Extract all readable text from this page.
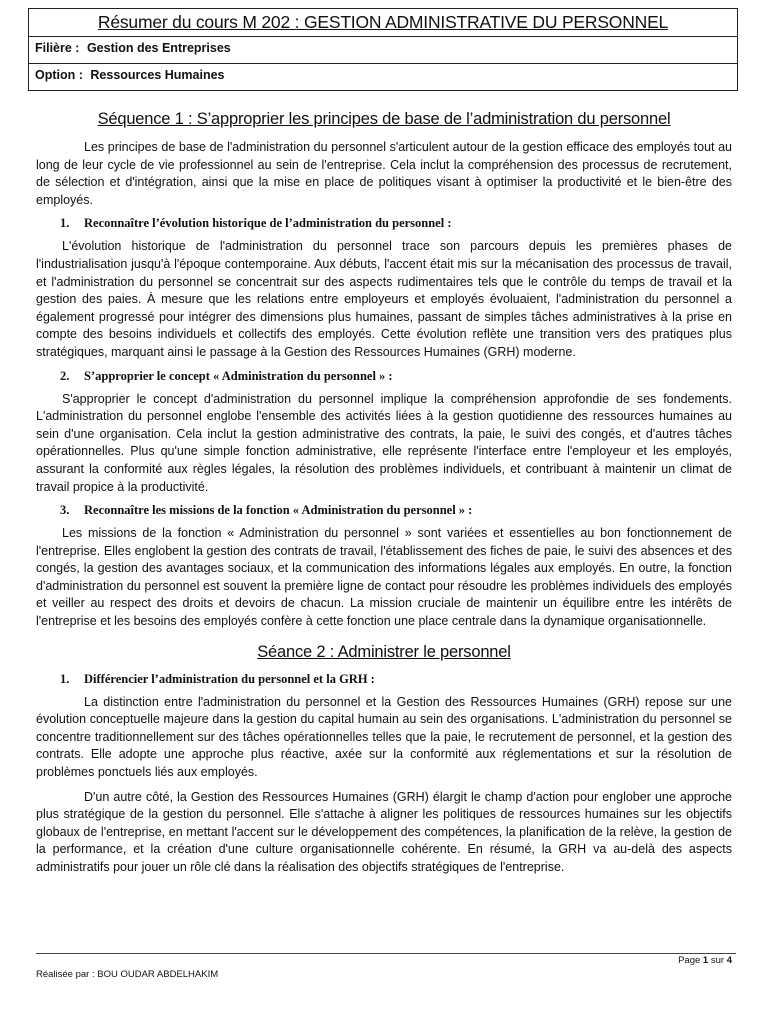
Résumer du cours M 202 : GESTION ADMINISTRATIVE DU PERSONNEL
Filière : Gestion des Entreprises
Option : Ressources Humaines
Séquence 1 : S’approprier les principes de base de l’administration du personnel

Les principes de base de l'administration du personnel s'articulent autour de la gestion efficace des employés tout au long de leur cycle de vie professionnel au sein de l'entreprise. Cela inclut la compréhension des processus de recrutement, de sélection et d'intégration, ainsi que la mise en place de politiques visant à optimiser la productivité et le bien-être des employés.

1. Reconnaître l’évolution historique de l’administration du personnel :

L'évolution historique de l'administration du personnel trace son parcours depuis les premières phases de l'industrialisation jusqu'à l'époque contemporaine. Aux débuts, l'accent était mis sur la mécanisation des processus de travail, et l'administration du personnel se concentrait sur des aspects rudimentaires tels que le contrôle du temps de travail et la gestion des paies. À mesure que les relations entre employeurs et employés évoluaient, l'administration du personnel a également progressé pour intégrer des dimensions plus humaines, passant de simples tâches administratives à la prise en compte des besoins individuels et collectifs des employés. Cette évolution reflète une transition vers des pratiques plus stratégiques, marquant ainsi le passage à la Gestion des Ressources Humaines (GRH) moderne.

2. S’approprier le concept « Administration du personnel » :

S'approprier le concept d'administration du personnel implique la compréhension approfondie de ses fondements. L'administration du personnel englobe l'ensemble des activités liées à la gestion quotidienne des ressources humaines au sein d'une organisation. Cela inclut la gestion administrative des contrats, la paie, le suivi des congés, et d'autres tâches opérationnelles. Plus qu'une simple fonction administrative, elle représente l'interface entre l'employeur et les employés, assurant la conformité aux règles légales, la résolution des problèmes individuels, et contribuant à maintenir un climat de travail propice à la productivité.

3. Reconnaître les missions de la fonction « Administration du personnel » :

Les missions de la fonction « Administration du personnel » sont variées et essentielles au bon fonctionnement de l'entreprise. Elles englobent la gestion des contrats de travail, l'établissement des fiches de paie, le suivi des absences et des congés, la gestion des avantages sociaux, et la communication des informations légales aux employés. En outre, la fonction d'administration du personnel est souvent la première ligne de contact pour résoudre les problèmes individuels des employés et veiller au respect des droits et devoirs de chacun. La mission cruciale de maintenir un équilibre entre les intérêts de l'entreprise et les besoins des employés confère à cette fonction une place centrale dans la dynamique organisationnelle.

Séance 2 : Administrer le personnel
1. Différencier l’administration du personnel et la GRH :

La distinction entre l'administration du personnel et la Gestion des Ressources Humaines (GRH) repose sur une évolution conceptuelle majeure dans la gestion du capital humain au sein des organisations. L'administration du personnel se concentre traditionnellement sur des tâches opérationnelles telles que la paie, le recrutement de personnel, et la gestion des contrats. Elle adopte une approche plus réactive, axée sur la conformité aux réglementations et sur la résolution de problèmes ponctuels liés aux employés.

D'un autre côté, la Gestion des Ressources Humaines (GRH) élargit le champ d'action pour englober une approche plus stratégique de la gestion du personnel. Elle s'attache à aligner les politiques de ressources humaines sur les objectifs globaux de l'entreprise, en mettant l'accent sur le développement des compétences, la planification de la relève, la gestion de la performance, et la création d'une culture organisationnelle cohérente. En résumé, la GRH va au-delà des aspects administratifs pour jouer un rôle clé dans la réalisation des objectifs stratégiques de l'entreprise.

Page 1 sur 4
Réalisée par : BOU OUDAR ABDELHAKIM
